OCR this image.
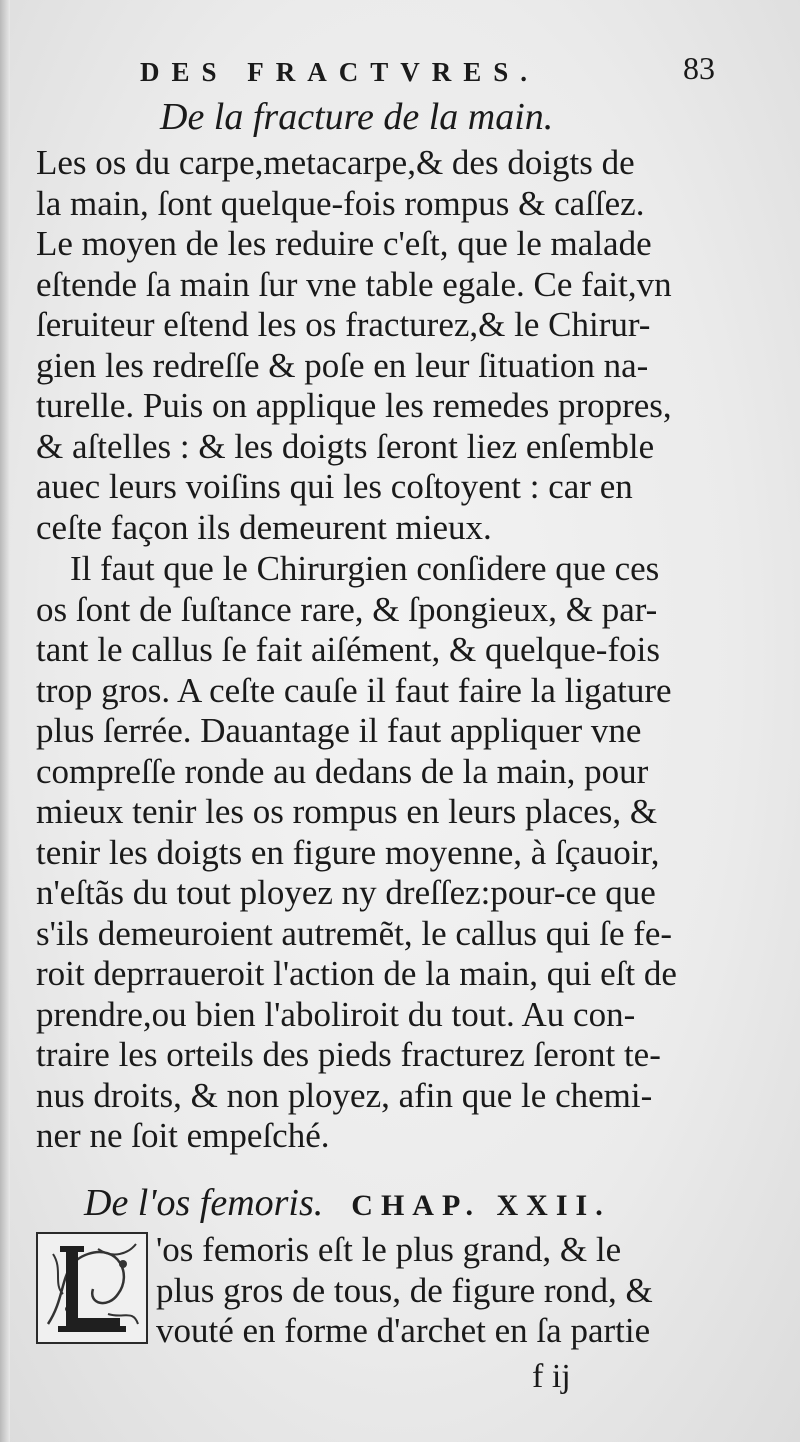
DES FRACTVRES.	83
De la fracture de la main.
Les os du carpe,metacarpe,& des doigts de
la main, ſont quelque-fois rompus & caſſez.
Le moyen de les reduire c'eſt, que le malade
eſtende ſa main ſur vne table egale. Ce fait,vn
ſeruiteur eſtend les os fracturez,& le Chirur-
gien les redreſſe & poſe en leur ſituation na-
turelle. Puis on applique les remedes propres,
& aſtelles : & les doigts ſeront liez enſemble
auec leurs voiſins qui les coſtoyent : car en
ceſte façon ils demeurent mieux.
Il faut que le Chirurgien conſidere que ces
os ſont de ſuſtance rare, & ſpongieux, & par-
tant le callus ſe fait aiſément, & quelque-fois
trop gros. A ceſte cauſe il faut faire la ligature
plus ſerrée. Dauantage il faut appliquer vne
compreſſe ronde au dedans de la main, pour
mieux tenir les os rompus en leurs places, &
tenir les doigts en figure moyenne, à ſçauoir,
n'eſtãs du tout ployez ny dreſſez:pour-ce que
s'ils demeuroient autremẽt, le callus qui ſe fe-
roit deprraueroit l'action de la main, qui eſt de
prendre,ou bien l'aboliroit du tout. Au con-
traire les orteils des pieds fracturez ſeront te-
nus droits, & non ployez, afin que le chemi-
ner ne ſoit empeſché.
De l'os femoris. CHAP. XXII.
'os femoris eſt le plus grand, & le
plus gros de tous, de figure rond, &
vouté en forme d'archet en ſa partie
f ij
